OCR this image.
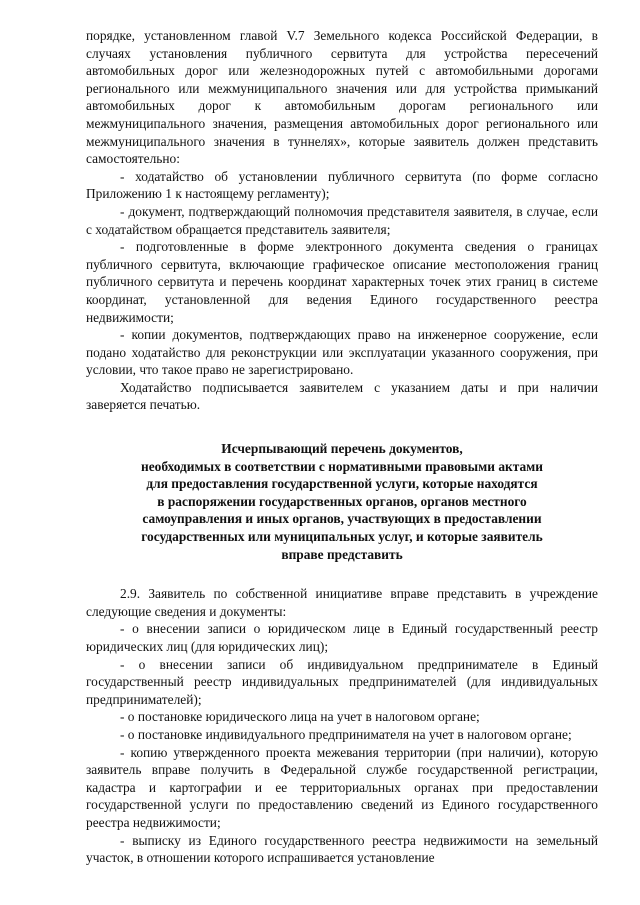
порядке, установленном главой V.7 Земельного кодекса Российской Федерации, в случаях установления публичного сервитута для устройства пересечений автомобильных дорог или железнодорожных путей с автомобильными дорогами регионального или межмуниципального значения или для устройства примыканий автомобильных дорог к автомобильным дорогам регионального или межмуниципального значения, размещения автомобильных дорог регионального или межмуниципального значения в туннелях», которые заявитель должен представить самостоятельно:

- ходатайство об установлении публичного сервитута (по форме согласно Приложению 1 к настоящему регламенту);

- документ, подтверждающий полномочия представителя заявителя, в случае, если с ходатайством обращается представитель заявителя;

- подготовленные в форме электронного документа сведения о границах публичного сервитута, включающие графическое описание местоположения границ публичного сервитута и перечень координат характерных точек этих границ в системе координат, установленной для ведения Единого государственного реестра недвижимости;

- копии документов, подтверждающих право на инженерное сооружение, если подано ходатайство для реконструкции или эксплуатации указанного сооружения, при условии, что такое право не зарегистрировано.

Ходатайство подписывается заявителем с указанием даты и при наличии заверяется печатью.

Исчерпывающий перечень документов,
необходимых в соответствии с нормативными правовыми актами
для предоставления государственной услуги, которые находятся
в распоряжении государственных органов, органов местного
самоуправления и иных органов, участвующих в предоставлении
государственных или муниципальных услуг, и которые заявитель
вправе представить

2.9. Заявитель по собственной инициативе вправе представить в учреждение следующие сведения и документы:

- о внесении записи о юридическом лице в Единый государственный реестр юридических лиц (для юридических лиц);

- о внесении записи об индивидуальном предпринимателе в Единый государственный реестр индивидуальных предпринимателей (для индивидуальных предпринимателей);

- о постановке юридического лица на учет в налоговом органе;

- о постановке индивидуального предпринимателя на учет в налоговом органе;

- копию утвержденного проекта межевания территории (при наличии), которую заявитель вправе получить в Федеральной службе государственной регистрации, кадастра и картографии и ее территориальных органах при предоставлении государственной услуги по предоставлению сведений из Единого государственного реестра недвижимости;

- выписку из Единого государственного реестра недвижимости на земельный участок, в отношении которого испрашивается установление
